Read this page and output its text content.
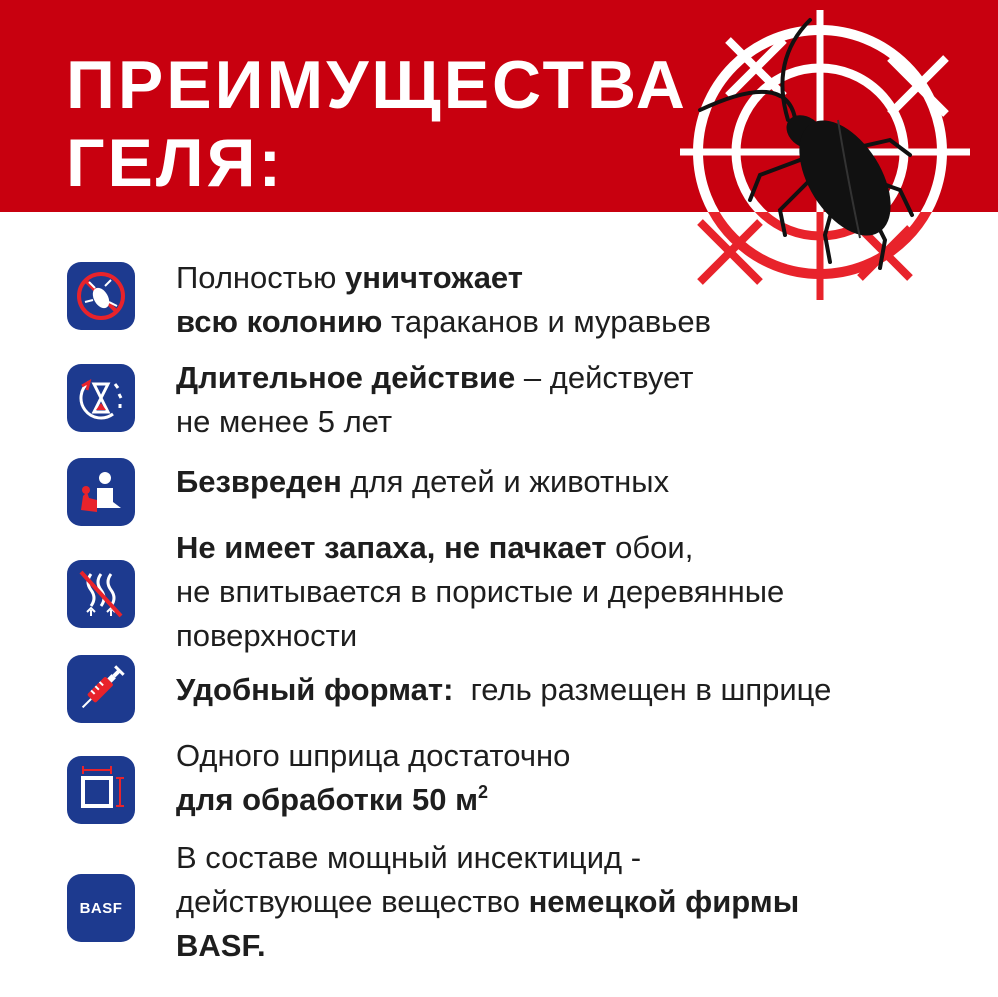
ПРЕИМУЩЕСТВА
ГЕЛЯ:
Полностью уничтожает
всю колонию тараканов и муравьев
Длительное действие – действует
не менее 5 лет
Безвреден для детей и животных
Не имеет запаха, не пачкает обои,
не впитывается в пористые и деревянные
поверхности
Удобный формат:  гель размещен в шприце
Одного шприца достаточно
для обработки 50 $м^2$
BASF
В составе мощный инсектицид -
действующее вещество немецкой фирмы
BASF.
